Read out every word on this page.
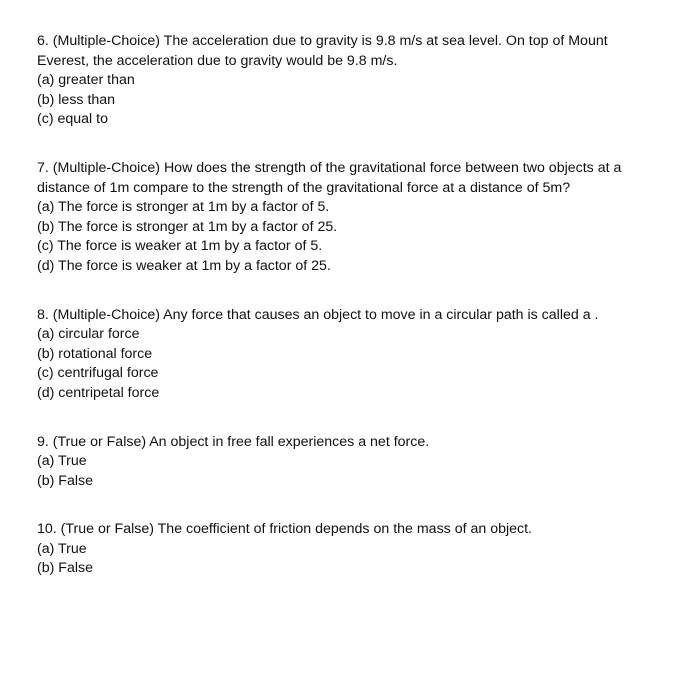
6. (Multiple-Choice) The acceleration due to gravity is 9.8 m/s at sea level. On top of Mount Everest, the acceleration due to gravity would be 9.8 m/s.

(a) greater than
(b) less than
(c) equal to

7. (Multiple-Choice) How does the strength of the gravitational force between two objects at a distance of 1m compare to the strength of the gravitational force at a distance of 5m?

(a) The force is stronger at 1m by a factor of 5.
(b) The force is stronger at 1m by a factor of 25.
(c) The force is weaker at 1m by a factor of 5.
(d) The force is weaker at 1m by a factor of 25.

8. (Multiple-Choice) Any force that causes an object to move in a circular path is called a .

(a) circular force
(b) rotational force
(c) centrifugal force
(d) centripetal force

9. (True or False) An object in free fall experiences a net force.

(a) True
(b) False

10. (True or False) The coefficient of friction depends on the mass of an object.

(a) True
(b) False
